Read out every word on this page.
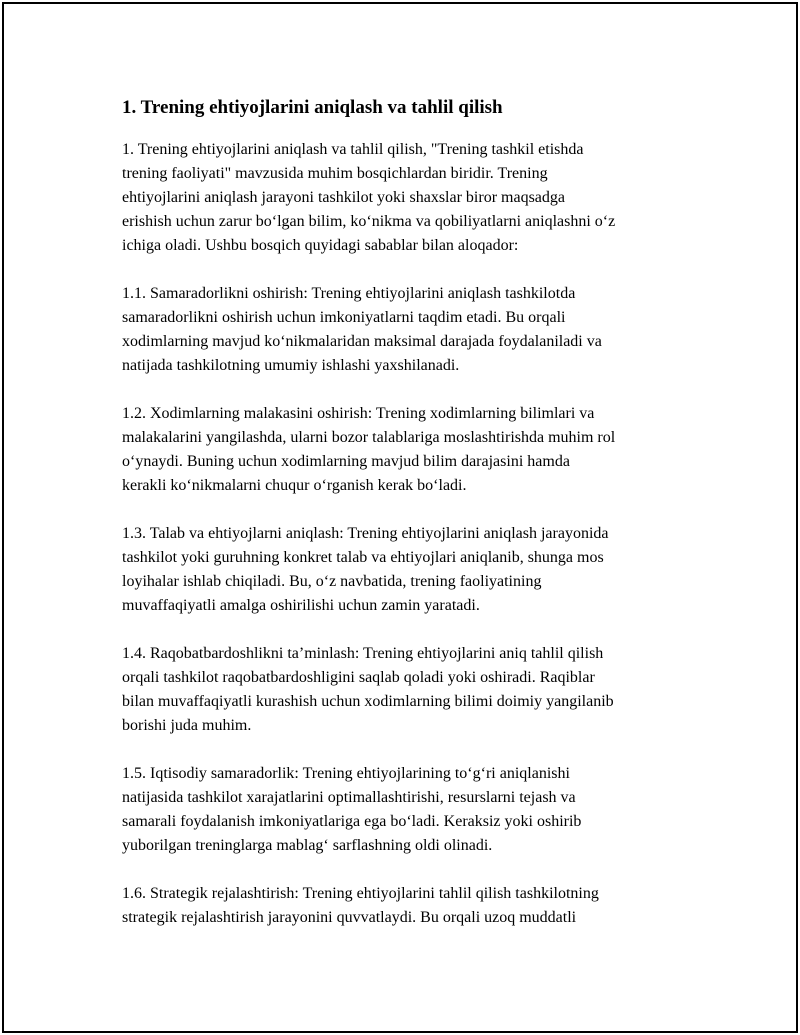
1. Trening ehtiyojlarini aniqlash va tahlil qilish

1. Trening ehtiyojlarini aniqlash va tahlil qilish, "Trening tashkil etishda
trening faoliyati" mavzusida muhim bosqichlardan biridir. Trening
ehtiyojlarini aniqlash jarayoni tashkilot yoki shaxslar biror maqsadga
erishish uchun zarur bo‘lgan bilim, ko‘nikma va qobiliyatlarni aniqlashni o‘z
ichiga oladi. Ushbu bosqich quyidagi sabablar bilan aloqador:

1.1. Samaradorlikni oshirish: Trening ehtiyojlarini aniqlash tashkilotda
samaradorlikni oshirish uchun imkoniyatlarni taqdim etadi. Bu orqali
xodimlarning mavjud ko‘nikmalaridan maksimal darajada foydalaniladi va
natijada tashkilotning umumiy ishlashi yaxshilanadi.

1.2. Xodimlarning malakasini oshirish: Trening xodimlarning bilimlari va
malakalarini yangilashda, ularni bozor talablariga moslashtirishda muhim rol
o‘ynaydi. Buning uchun xodimlarning mavjud bilim darajasini hamda
kerakli ko‘nikmalarni chuqur o‘rganish kerak bo‘ladi.

1.3. Talab va ehtiyojlarni aniqlash: Trening ehtiyojlarini aniqlash jarayonida
tashkilot yoki guruhning konkret talab va ehtiyojlari aniqlanib, shunga mos
loyihalar ishlab chiqiladi. Bu, o‘z navbatida, trening faoliyatining
muvaffaqiyatli amalga oshirilishi uchun zamin yaratadi.

1.4. Raqobatbardoshlikni ta’minlash: Trening ehtiyojlarini aniq tahlil qilish
orqali tashkilot raqobatbardoshligini saqlab qoladi yoki oshiradi. Raqiblar
bilan muvaffaqiyatli kurashish uchun xodimlarning bilimi doimiy yangilanib
borishi juda muhim.

1.5. Iqtisodiy samaradorlik: Trening ehtiyojlarining to‘g‘ri aniqlanishi
natijasida tashkilot xarajatlarini optimallashtirishi, resurslarni tejash va
samarali foydalanish imkoniyatlariga ega bo‘ladi. Keraksiz yoki oshirib
yuborilgan treninglarga mablag‘ sarflashning oldi olinadi.

1.6. Strategik rejalashtirish: Trening ehtiyojlarini tahlil qilish tashkilotning
strategik rejalashtirish jarayonini quvvatlaydi. Bu orqali uzoq muddatli
